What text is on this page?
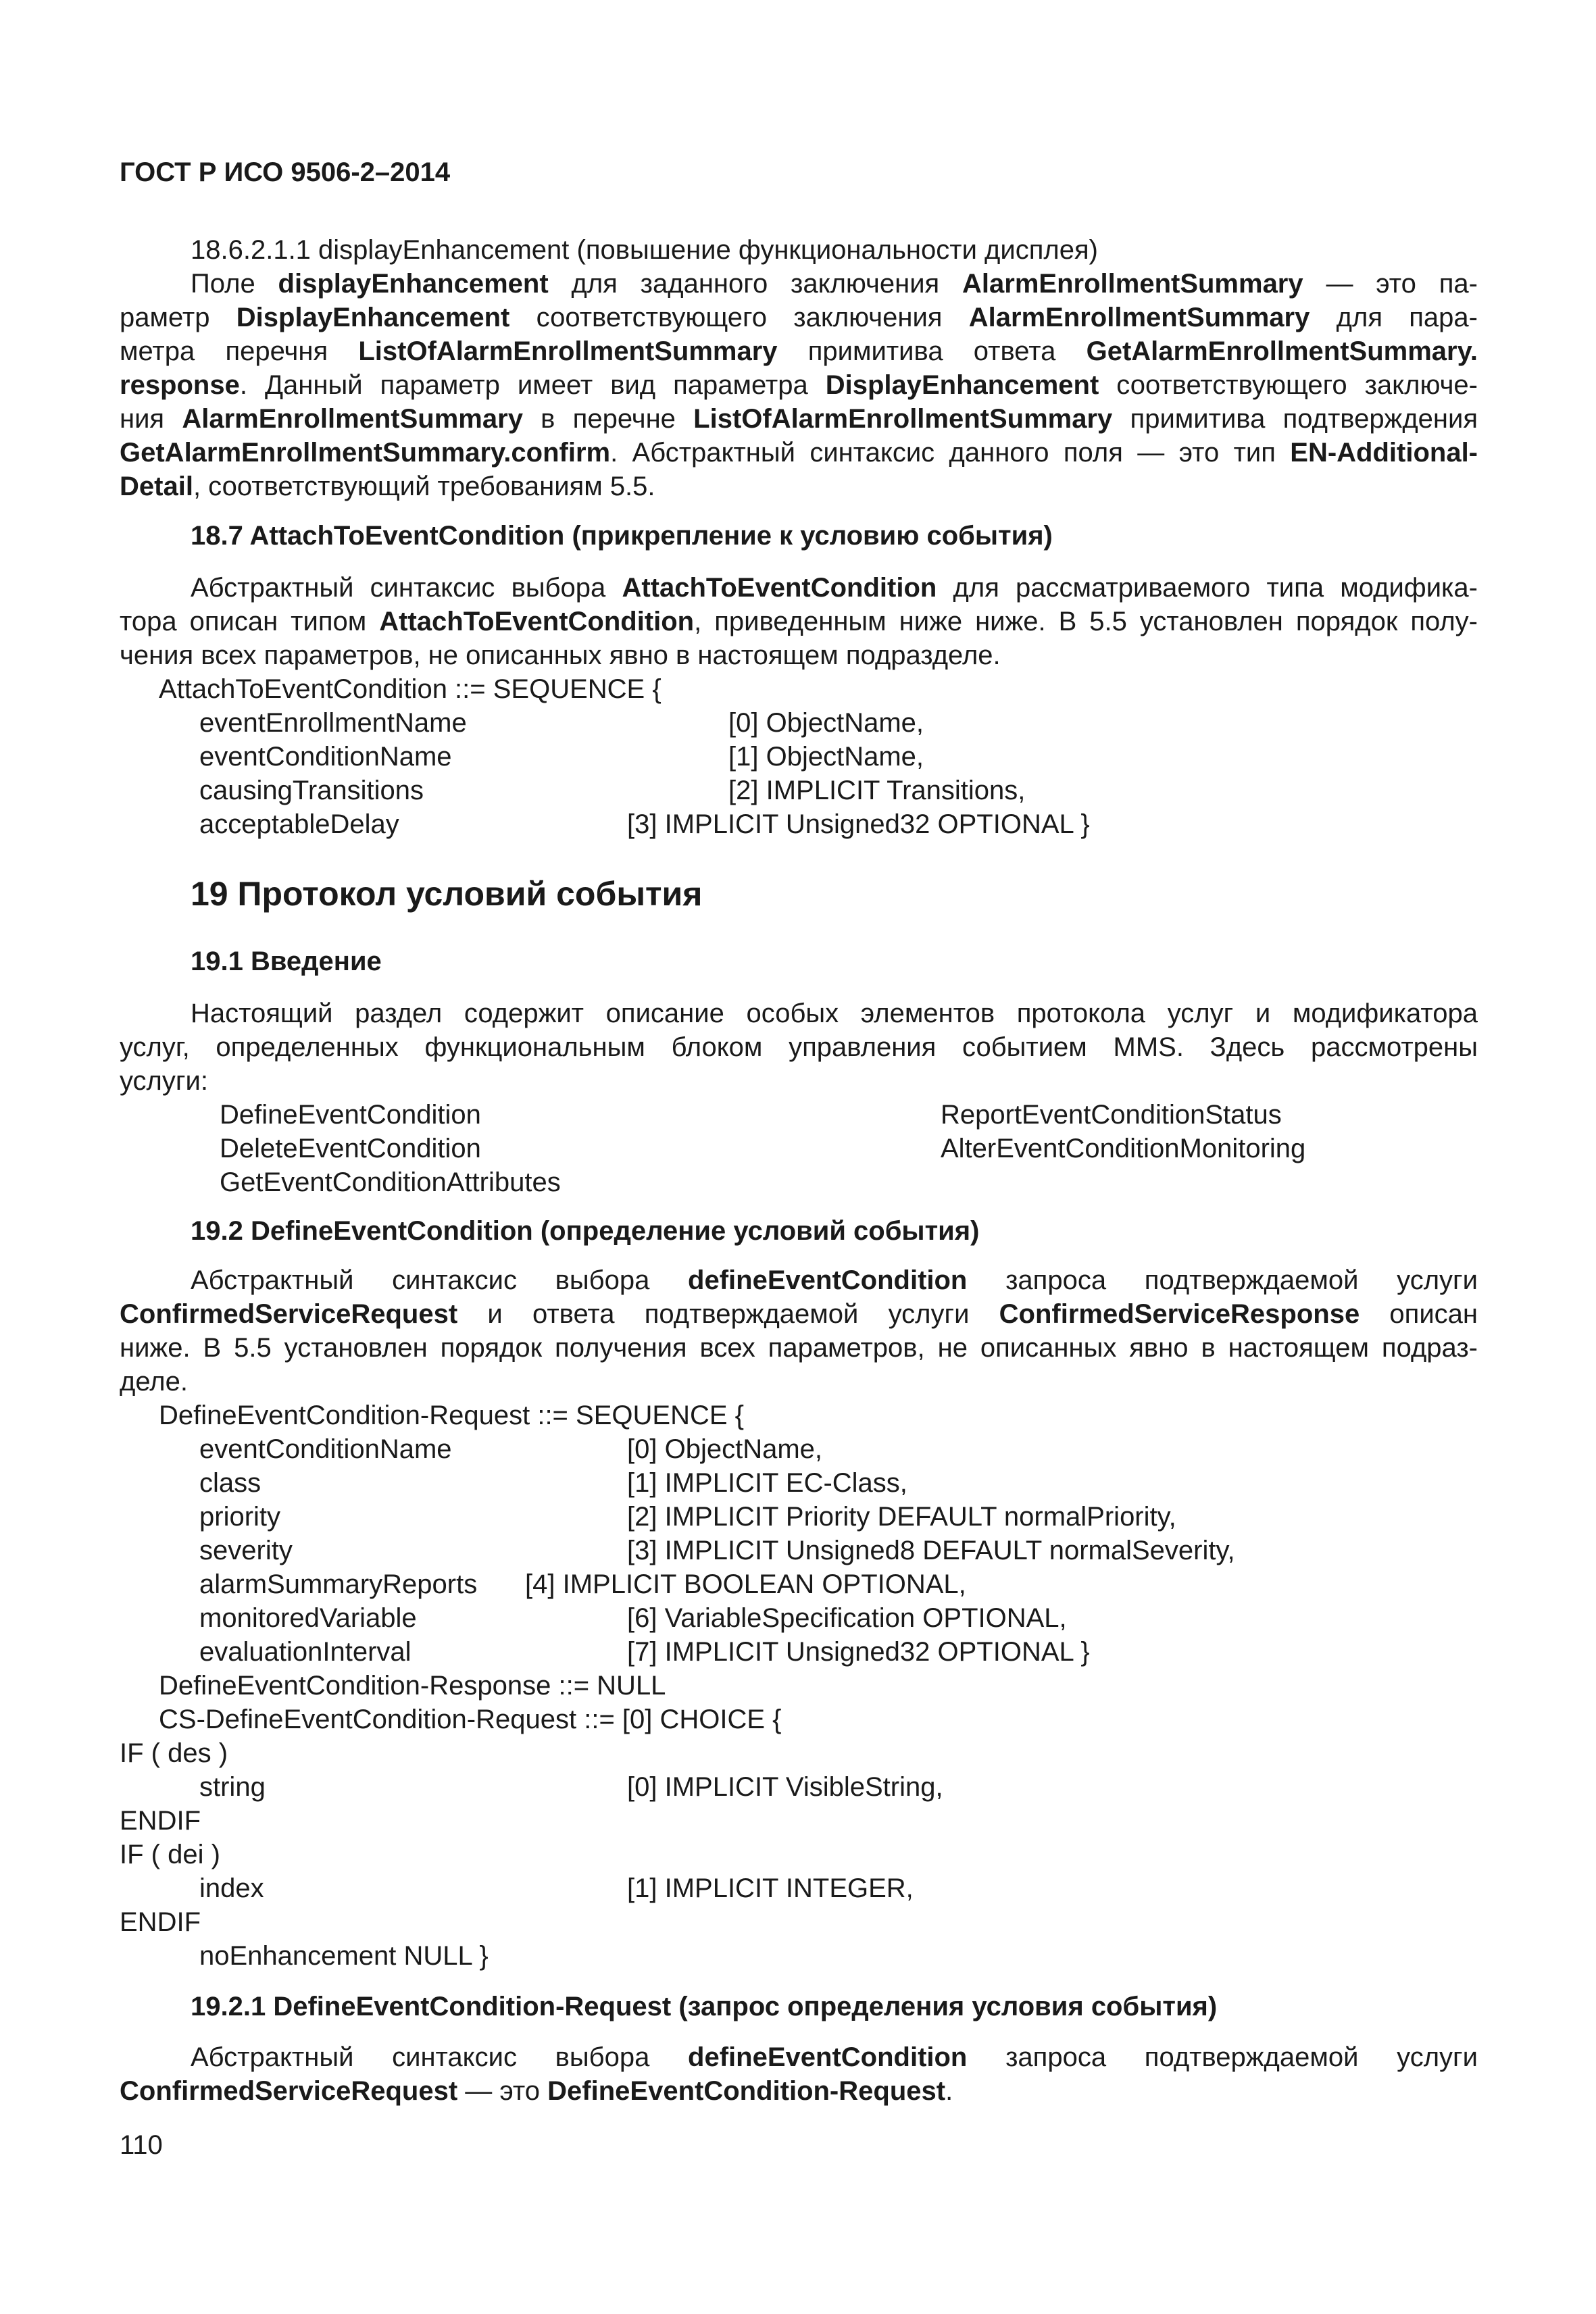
ГОСТ Р ИСО 9506-2–2014
18.6.2.1.1 displayEnhancement (повышение функциональности дисплея)
Поле displayEnhancement для заданного заключения AlarmEnrollmentSummary — это па-
раметр DisplayEnhancement соответствующего заключения AlarmEnrollmentSummary для пара-
метра перечня ListOfAlarmEnrollmentSummary примитива ответа GetAlarmEnrollmentSummary.
response. Данный параметр имеет вид параметра DisplayEnhancement соответствующего заключе-
ния AlarmEnrollmentSummary в перечне ListOfAlarmEnrollmentSummary примитива подтверждения
GetAlarmEnrollmentSummary.confirm. Абстрактный синтаксис данного поля — это тип EN-Additional-
Detail, соответствующий требованиям 5.5.
18.7 AttachToEventCondition (прикрепление к условию события)
Абстрактный синтаксис выбора AttachToEventCondition для рассматриваемого типа модифика-
тора описан типом AttachToEventCondition, приведенным ниже ниже. В 5.5 установлен порядок полу-
чения всех параметров, не описанных явно в настоящем подразделе.
AttachToEventCondition ::= SEQUENCE {
eventEnrollmentName	[0] ObjectName,
eventConditionName	[1] ObjectName,
causingTransitions	[2] IMPLICIT Transitions,
acceptableDelay	[3] IMPLICIT Unsigned32 OPTIONAL }
19 Протокол условий события
19.1 Введение
Настоящий раздел содержит описание особых элементов протокола услуг и модификатора
услуг, определенных функциональным блоком управления событием MMS. Здесь рассмотрены
услуги:
DefineEventCondition
DeleteEventCondition
GetEventConditionAttributes
ReportEventConditionStatus
AlterEventConditionMonitoring
19.2 DefineEventCondition (определение условий события)
Абстрактный синтаксис выбора defineEventCondition запроса подтверждаемой услуги
ConfirmedServiceRequest и ответа подтверждаемой услуги ConfirmedServiceResponse описан
ниже. В 5.5 установлен порядок получения всех параметров, не описанных явно в настоящем подраз-
деле.
DefineEventCondition-Request ::= SEQUENCE {
eventConditionName	[0] ObjectName,
class	[1] IMPLICIT EC-Class,
priority	[2] IMPLICIT Priority DEFAULT normalPriority,
severity	[3] IMPLICIT Unsigned8 DEFAULT normalSeverity,
alarmSummaryReports [4] IMPLICIT BOOLEAN OPTIONAL,
monitoredVariable	[6] VariableSpecification OPTIONAL,
evaluationInterval	[7] IMPLICIT Unsigned32 OPTIONAL }
DefineEventCondition-Response ::= NULL
CS-DefineEventCondition-Request ::= [0] CHOICE {
IF ( des )
string	[0] IMPLICIT VisibleString,
ENDIF
IF ( dei )
index	[1] IMPLICIT INTEGER,
ENDIF
noEnhancement NULL }
19.2.1 DefineEventCondition-Request (запрос определения условия события)
Абстрактный синтаксис выбора defineEventCondition запроса подтверждаемой услуги
ConfirmedServiceRequest — это DefineEventCondition-Request.
110
